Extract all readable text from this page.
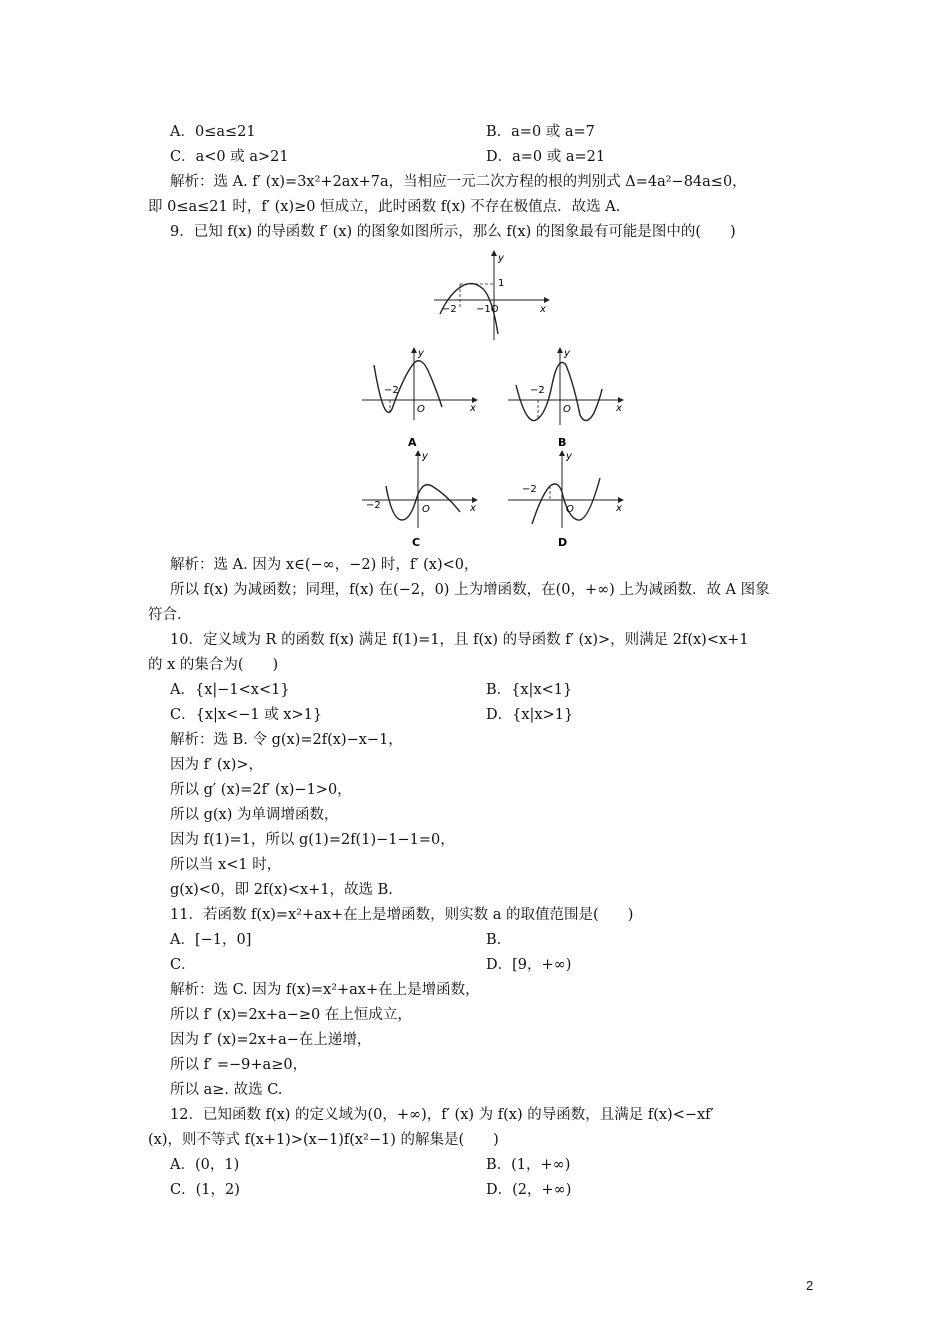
A．0≤a≤21	B．a=0 或 a=7
C．a<0 或 a>21	D．a=0 或 a=21
解析：选 A. f′ (x)=3x²+2ax+7a，当相应一元二次方程的根的判别式 Δ=4a²−84a≤0，
即 0≤a≤21 时，f′ (x)≥0 恒成立，此时函数 f(x) 不存在极值点．故选 A.
9．已知 f(x) 的导函数 f′ (x) 的图象如图所示，那么 f(x) 的图象最有可能是图中的(　　)
y
x
1
−2 −1O
y
x
−2
O
A
y
x
−2
O
B
y
x
−2	O
C
y
x
−2
O
D
解析：选 A. 因为 x∈(−∞，−2) 时，f′ (x)<0，
所以 f(x) 为减函数；同理，f(x) 在(−2，0) 上为增函数，在(0，+∞) 上为减函数．故 A 图象
符合．
10．定义域为 R 的函数 f(x) 满足 f(1)=1，且 f(x) 的导函数 f′ (x)>，则满足 2f(x)<x+1
的 x 的集合为(　　)
A．{x|−1<x<1}	B．{x|x<1}
C．{x|x<−1 或 x>1}	D．{x|x>1}
解析：选 B. 令 g(x)=2f(x)−x−1，
因为 f′ (x)>，
所以 g′ (x)=2f′ (x)−1>0，
所以 g(x) 为单调增函数，
因为 f(1)=1，所以 g(1)=2f(1)−1−1=0，
所以当 x<1 时，
g(x)<0，即 2f(x)<x+1，故选 B.
11．若函数 f(x)=x²+ax+在上是增函数，则实数 a 的取值范围是(　　)
A．[−1，0]	B．
C．	D．[9，+∞)
解析：选 C. 因为 f(x)=x²+ax+在上是增函数，
所以 f′ (x)=2x+a−≥0 在上恒成立，
因为 f′ (x)=2x+a−在上递增，
所以 f′ =−9+a≥0，
所以 a≥. 故选 C.
12．已知函数 f(x) 的定义域为(0，+∞)，f′ (x) 为 f(x) 的导函数，且满足 f(x)<−xf′
(x)，则不等式 f(x+1)>(x−1)f(x²−1) 的解集是(　　)
A．(0，1)	B．(1，+∞)
C．(1，2)	D．(2，+∞)
2
